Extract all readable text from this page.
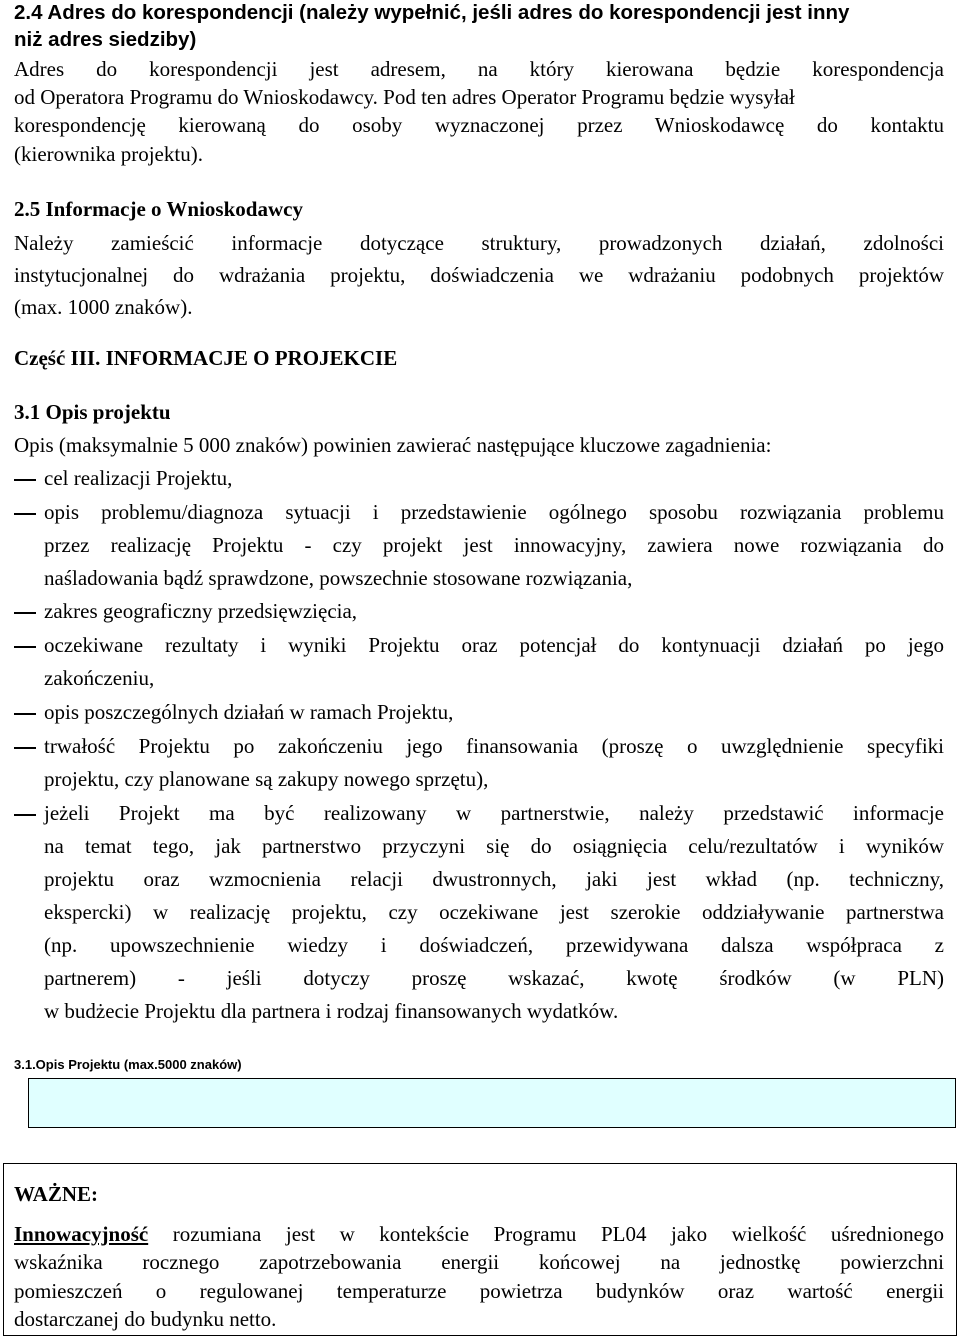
2.4 Adres do korespondencji (należy wypełnić, jeśli adres do korespondencji jest inny
niż adres siedziby)
Adres do korespondencji jest adresem, na który kierowana będzie korespondencja
od Operatora Programu do Wnioskodawcy. Pod ten adres Operator Programu będzie wysyłał
korespondencję kierowaną do osoby wyznaczonej przez Wnioskodawcę do kontaktu
(kierownika projektu).
2.5 Informacje o Wnioskodawcy
Należy zamieścić informacje dotyczące struktury, prowadzonych działań, zdolności
instytucjonalnej do wdrażania projektu, doświadczenia we wdrażaniu podobnych projektów
(max. 1000 znaków).
Część III. INFORMACJE O PROJEKCIE
3.1 Opis projektu
Opis (maksymalnie 5 000 znaków) powinien zawierać następujące kluczowe zagadnienia:
cel realizacji Projektu,
opis problemu/diagnoza sytuacji i przedstawienie ogólnego sposobu rozwiązania problemu
przez realizację Projektu - czy projekt jest innowacyjny, zawiera nowe rozwiązania do
naśladowania bądź sprawdzone, powszechnie stosowane rozwiązania,
zakres geograficzny przedsięwzięcia,
oczekiwane rezultaty i wyniki Projektu oraz potencjał do kontynuacji działań po jego
zakończeniu,
opis poszczególnych działań w ramach Projektu,
trwałość Projektu po zakończeniu jego finansowania (proszę o uwzględnienie specyfiki
projektu, czy planowane są zakupy nowego sprzętu),
jeżeli Projekt ma być realizowany w partnerstwie, należy przedstawić informacje
na temat tego, jak partnerstwo przyczyni się do osiągnięcia celu/rezultatów i wyników
projektu oraz wzmocnienia relacji dwustronnych, jaki jest wkład (np. techniczny,
ekspercki) w realizację projektu, czy oczekiwane jest szerokie oddziaływanie partnerstwa
(np. upowszechnienie wiedzy i doświadczeń, przewidywana dalsza współpraca z
partnerem) - jeśli dotyczy proszę wskazać, kwotę środków (w PLN)
w budżecie Projektu dla partnera i rodzaj finansowanych wydatków.
3.1.Opis Projektu (max.5000 znaków)
WAŻNE:
Innowacyjność rozumiana jest w kontekście Programu PL04 jako wielkość uśrednionego
wskaźnika rocznego zapotrzebowania energii końcowej na jednostkę powierzchni
pomieszczeń o regulowanej temperaturze powietrza budynków oraz wartość energii
dostarczanej do budynku netto.
